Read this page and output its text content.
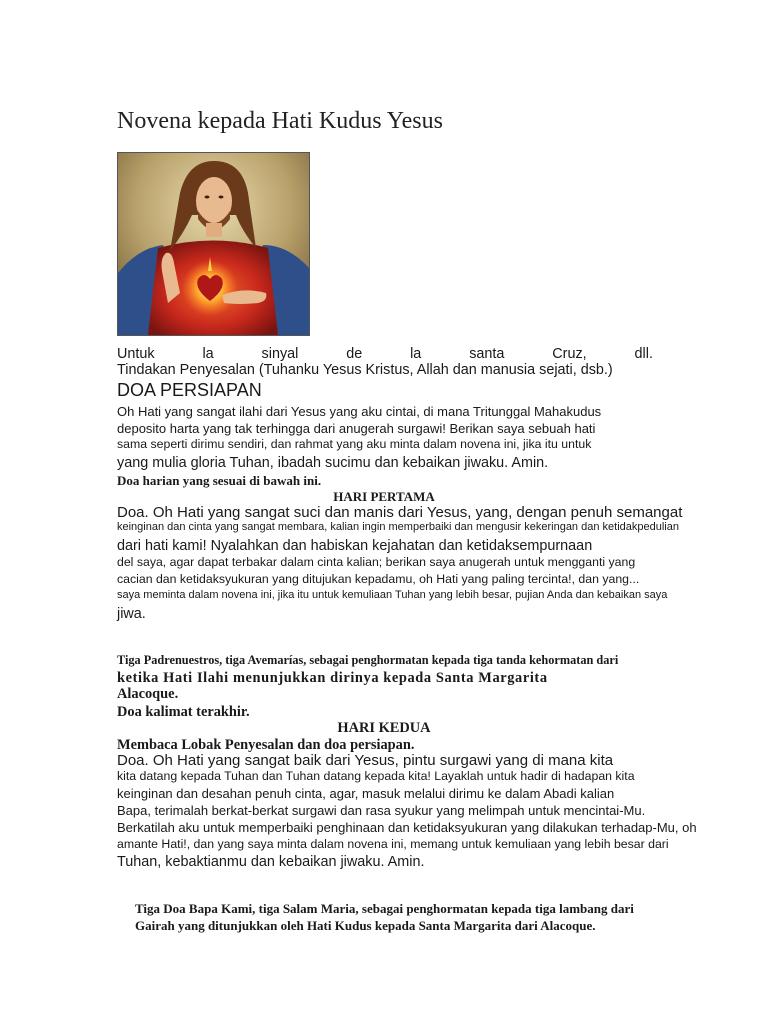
Novena kepada Hati Kudus Yesus
Untuk	la	sinyal	de	la	santa	Cruz,	dll.
Tindakan Penyesalan (Tuhanku Yesus Kristus, Allah dan manusia sejati, dsb.)
DOA PERSIAPAN
Oh Hati yang sangat ilahi dari Yesus yang aku cintai, di mana Tritunggal Mahakudus
deposito harta yang tak terhingga dari anugerah surgawi! Berikan saya sebuah hati
sama seperti dirimu sendiri, dan rahmat yang aku minta dalam novena ini, jika itu untuk
yang mulia gloria Tuhan, ibadah sucimu dan kebaikan jiwaku. Amin.
Doa harian yang sesuai di bawah ini.
HARI PERTAMA
Doa. Oh Hati yang sangat suci dan manis dari Yesus, yang, dengan penuh semangat
keinginan dan cinta yang sangat membara, kalian ingin memperbaiki dan mengusir kekeringan dan ketidakpedulian
dari hati kami! Nyalahkan dan habiskan kejahatan dan ketidaksempurnaan
del saya, agar dapat terbakar dalam cinta kalian; berikan saya anugerah untuk mengganti yang
cacian dan ketidaksyukuran yang ditujukan kepadamu, oh Hati yang paling tercinta!, dan yang...
saya meminta dalam novena ini, jika itu untuk kemuliaan Tuhan yang lebih besar, pujian Anda dan kebaikan saya
jiwa.
Tiga Padrenuestros, tiga Avemarías, sebagai penghormatan kepada tiga tanda kehormatan dari
ketika Hati Ilahi menunjukkan dirinya kepada Santa Margarita
Alacoque.
Doa kalimat terakhir.
HARI KEDUA
Membaca Lobak Penyesalan dan doa persiapan.
Doa. Oh Hati yang sangat baik dari Yesus, pintu surgawi yang di mana kita
kita datang kepada Tuhan dan Tuhan datang kepada kita! Layaklah untuk hadir di hadapan kita
keinginan dan desahan penuh cinta, agar, masuk melalui dirimu ke dalam Abadi kalian
Bapa, terimalah berkat-berkat surgawi dan rasa syukur yang melimpah untuk mencintai-Mu.
Berkatilah aku untuk memperbaiki penghinaan dan ketidaksyukuran yang dilakukan terhadap-Mu, oh
amante Hati!, dan yang saya minta dalam novena ini, memang untuk kemuliaan yang lebih besar dari
Tuhan, kebaktianmu dan kebaikan jiwaku. Amin.
Tiga Doa Bapa Kami, tiga Salam Maria, sebagai penghormatan kepada tiga lambang dari
Gairah yang ditunjukkan oleh Hati Kudus kepada Santa Margarita dari Alacoque.
